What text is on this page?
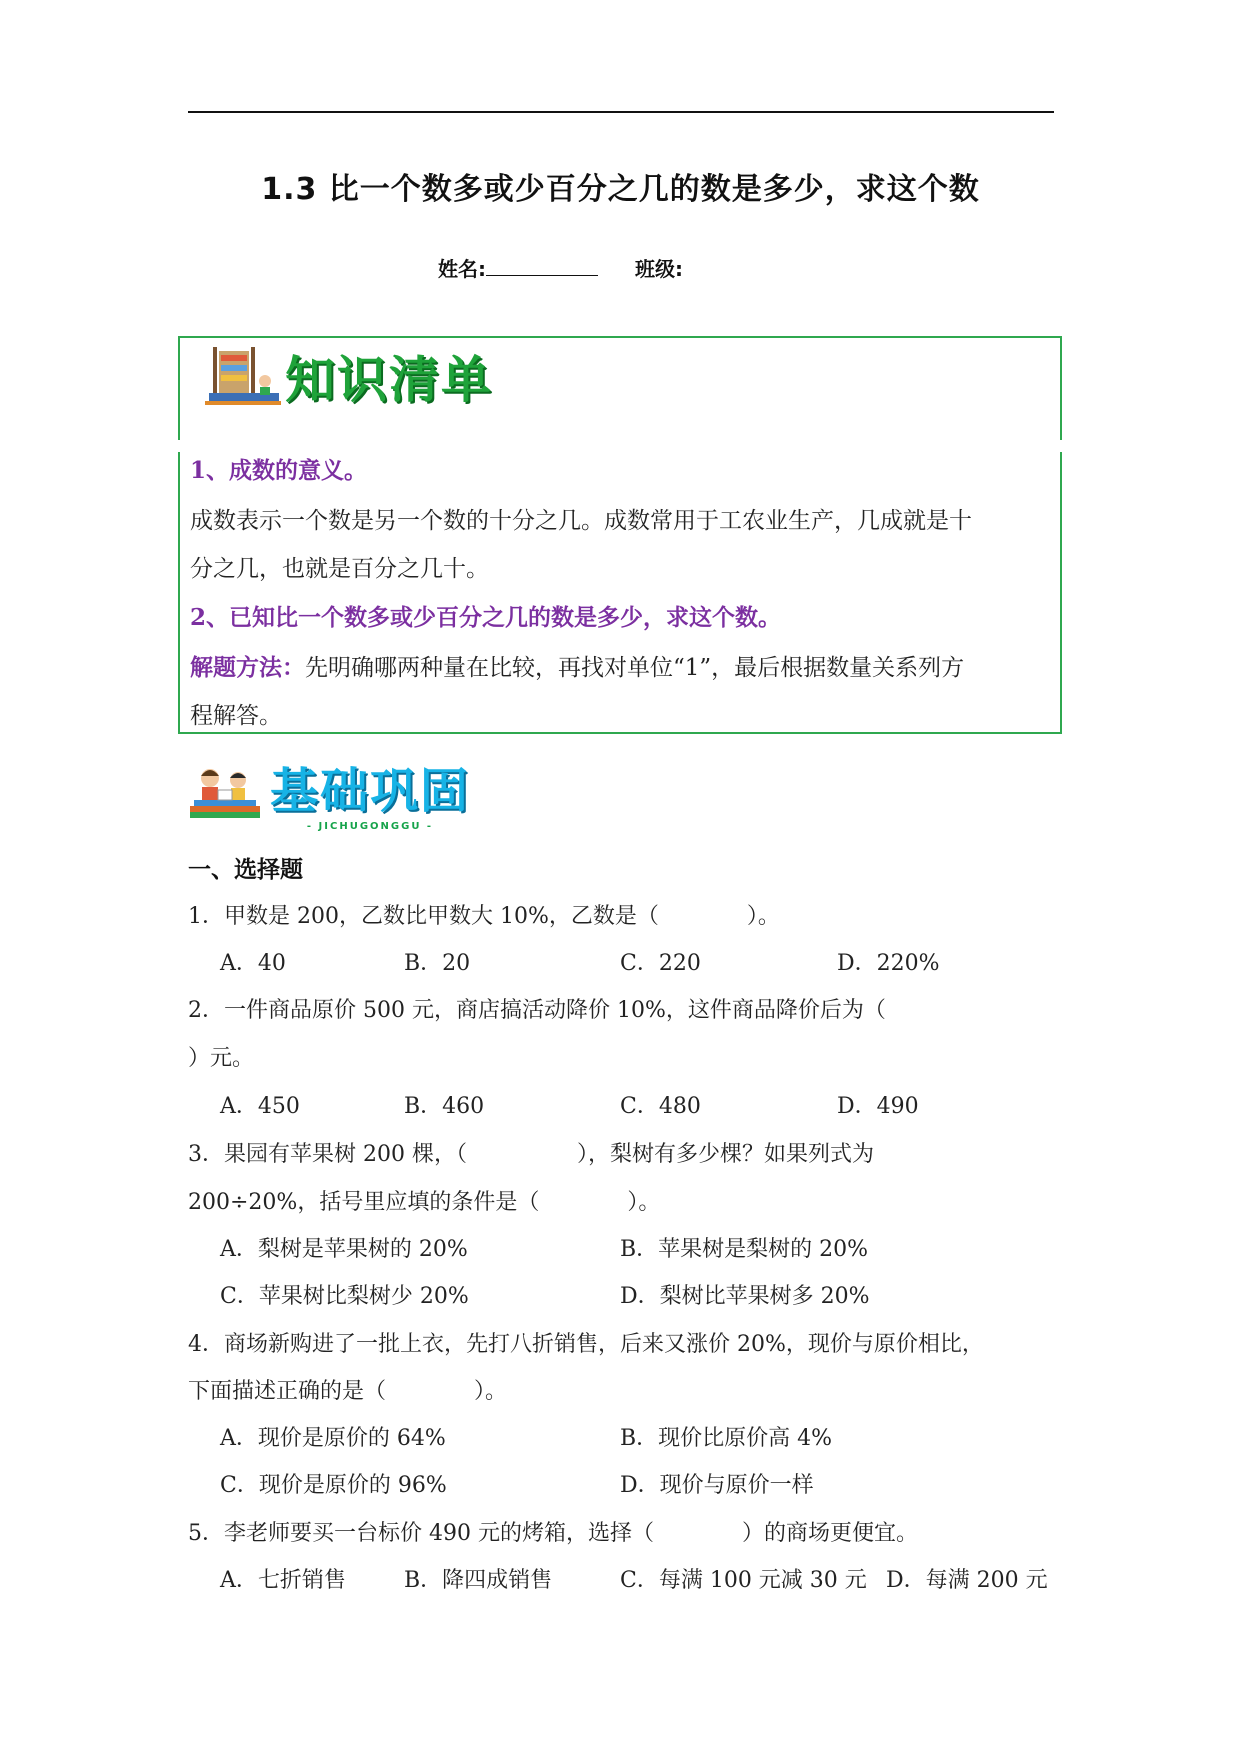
1.3 比一个数多或少百分之几的数是多少，求这个数
姓名:	班级:
知识清单
1、成数的意义。
成数表示一个数是另一个数的十分之几。成数常用于工农业生产，几成就是十
分之几，也就是百分之几十。
2、已知比一个数多或少百分之几的数是多少，求这个数。
解题方法：先明确哪两种量在比较，再找对单位“1”，最后根据数量关系列方
程解答。
基础巩固
- JICHUGONGGU -
一、选择题
1．甲数是 200，乙数比甲数大 10%，乙数是（　　　　）。
A．40	B．20	C．220	D．220%
2．一件商品原价 500 元，商店搞活动降价 10%，这件商品降价后为（
）元。
A．450	B．460	C．480	D．490
3．果园有苹果树 200 棵，（　　　　　），梨树有多少棵？如果列式为
200÷20%，括号里应填的条件是（　　　　）。
A．梨树是苹果树的 20%	B．苹果树是梨树的 20%
C．苹果树比梨树少 20%	D．梨树比苹果树多 20%
4．商场新购进了一批上衣，先打八折销售，后来又涨价 20%，现价与原价相比，
下面描述正确的是（　　　　）。
A．现价是原价的 64%	B．现价比原价高 4%
C．现价是原价的 96%	D．现价与原价一样
5．李老师要买一台标价 490 元的烤箱，选择（　　　　）的商场更便宜。
A．七折销售	B．降四成销售	C．每满 100 元减 30 元 D．每满 200 元
